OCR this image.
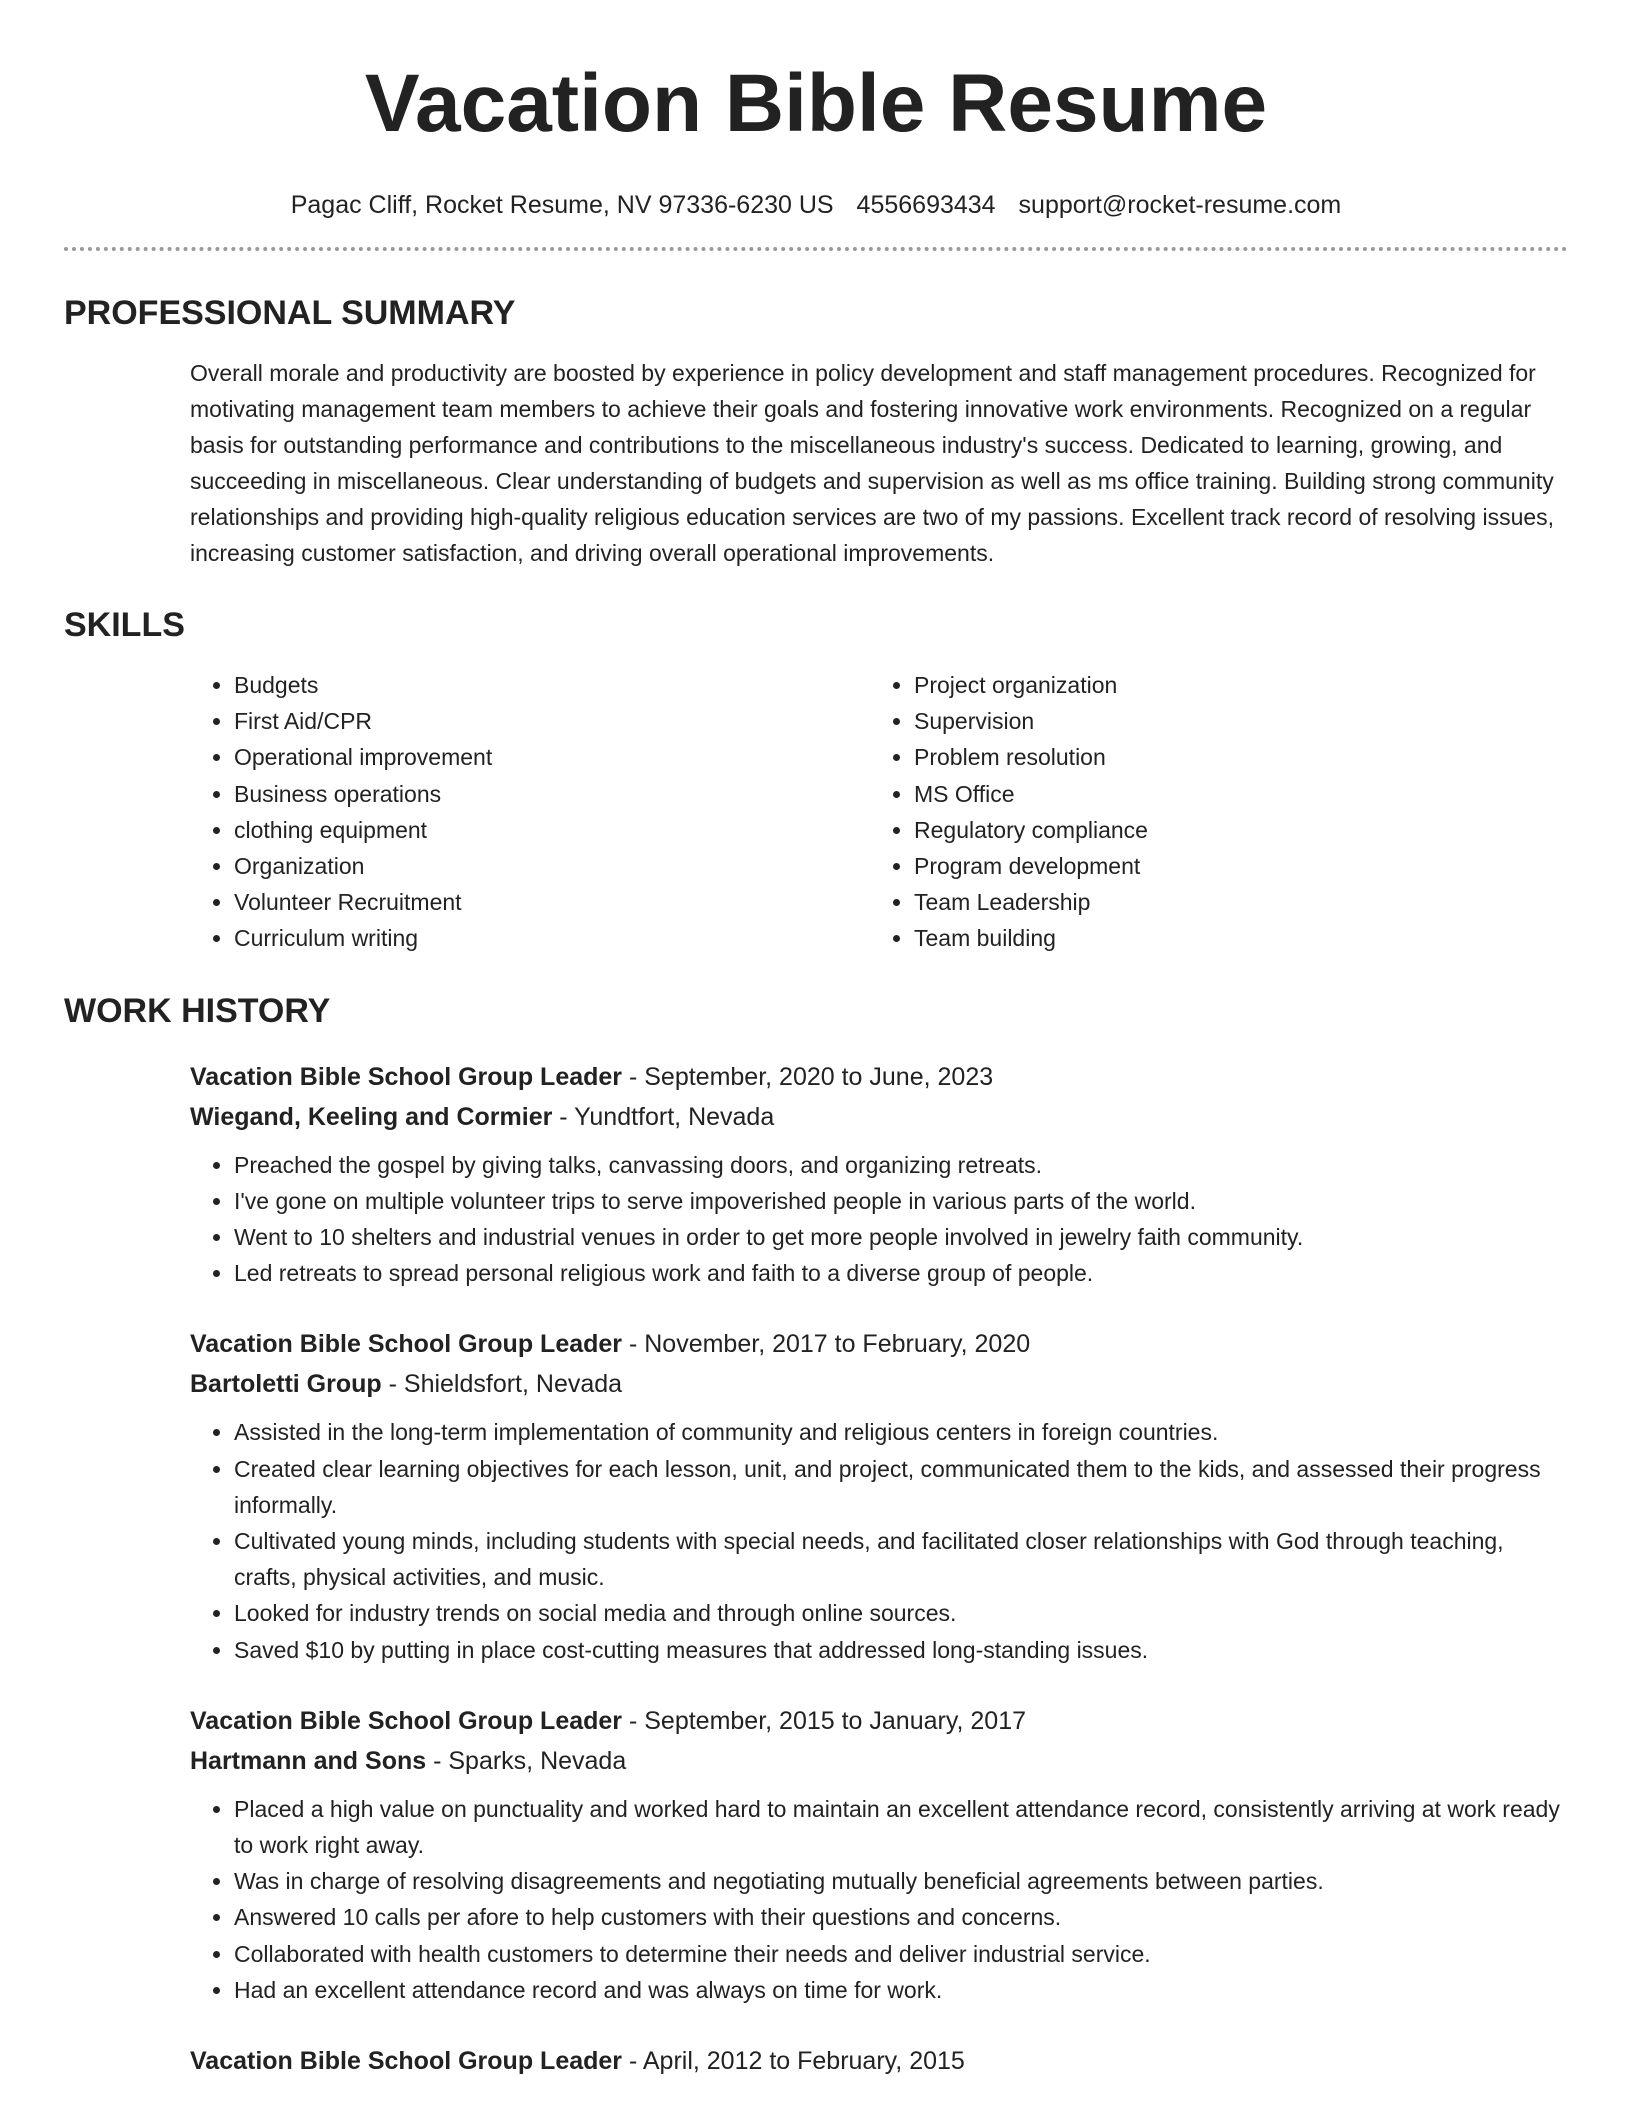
Vacation Bible Resume
Pagac Cliff, Rocket Resume, NV 97336-6230 US 4556693434 support@rocket-resume.com
PROFESSIONAL SUMMARY

Overall morale and productivity are boosted by experience in policy development and staff management procedures. Recognized for motivating management team members to achieve their goals and fostering innovative work environments. Recognized on a regular basis for outstanding performance and contributions to the miscellaneous industry's success. Dedicated to learning, growing, and succeeding in miscellaneous. Clear understanding of budgets and supervision as well as ms office training. Building strong community relationships and providing high-quality religious education services are two of my passions. Excellent track record of resolving issues, increasing customer satisfaction, and driving overall operational improvements.

SKILLS
• Budgets
• First Aid/CPR
• Operational improvement
• Business operations
• clothing equipment
• Organization
• Volunteer Recruitment
• Curriculum writing
• Project organization
• Supervision
• Problem resolution
• MS Office
• Regulatory compliance
• Program development
• Team Leadership
• Team building
WORK HISTORY
Vacation Bible School Group Leader - September, 2020 to June, 2023
Wiegand, Keeling and Cormier - Yundtfort, Nevada
• Preached the gospel by giving talks, canvassing doors, and organizing retreats.
• I've gone on multiple volunteer trips to serve impoverished people in various parts of the world.
• Went to 10 shelters and industrial venues in order to get more people involved in jewelry faith community.
• Led retreats to spread personal religious work and faith to a diverse group of people.
Vacation Bible School Group Leader - November, 2017 to February, 2020
Bartoletti Group - Shieldsfort, Nevada
• Assisted in the long-term implementation of community and religious centers in foreign countries.
• Created clear learning objectives for each lesson, unit, and project, communicated them to the kids, and assessed their progress informally.
• Cultivated young minds, including students with special needs, and facilitated closer relationships with God through teaching, crafts, physical activities, and music.
• Looked for industry trends on social media and through online sources.
• Saved $10 by putting in place cost-cutting measures that addressed long-standing issues.
Vacation Bible School Group Leader - September, 2015 to January, 2017
Hartmann and Sons - Sparks, Nevada
• Placed a high value on punctuality and worked hard to maintain an excellent attendance record, consistently arriving at work ready to work right away.
• Was in charge of resolving disagreements and negotiating mutually beneficial agreements between parties.
• Answered 10 calls per afore to help customers with their questions and concerns.
• Collaborated with health customers to determine their needs and deliver industrial service.
• Had an excellent attendance record and was always on time for work.
Vacation Bible School Group Leader - April, 2012 to February, 2015
